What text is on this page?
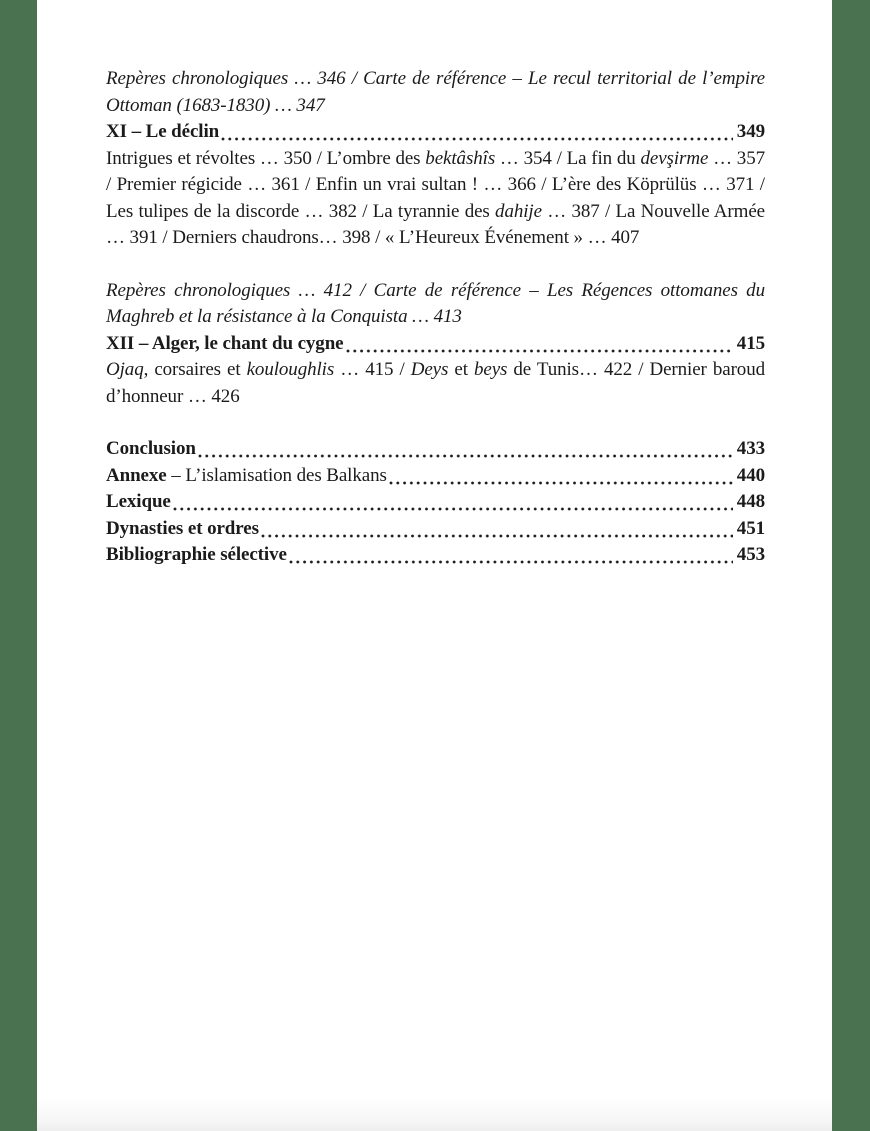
Repères chronologiques … 346 / Carte de référence – Le recul territorial de l’empire Ottoman (1683-1830) … 347

XI – Le déclin	349

Intrigues et révoltes … 350 / L’ombre des bektâshîs … 354 / La fin du devşirme … 357 / Premier régicide … 361 / Enfin un vrai sultan ! … 366 / L’ère des Köprülüs … 371 / Les tulipes de la discorde … 382 / La tyrannie des dahije … 387 / La Nouvelle Armée … 391 / Derniers chaudrons… 398 / « L’Heureux Événement » … 407

Repères chronologiques … 412 / Carte de référence – Les Régences ottomanes du Maghreb et la résistance à la Conquista … 413

XII – Alger, le chant du cygne	415

Ojaq, corsaires et kouloughlis … 415 / Deys et beys de Tunis… 422 / Dernier baroud d’honneur … 426

Conclusion	433

Annexe – L’islamisation des Balkans	440

Lexique	448

Dynasties et ordres	451

Bibliographie sélective	453
